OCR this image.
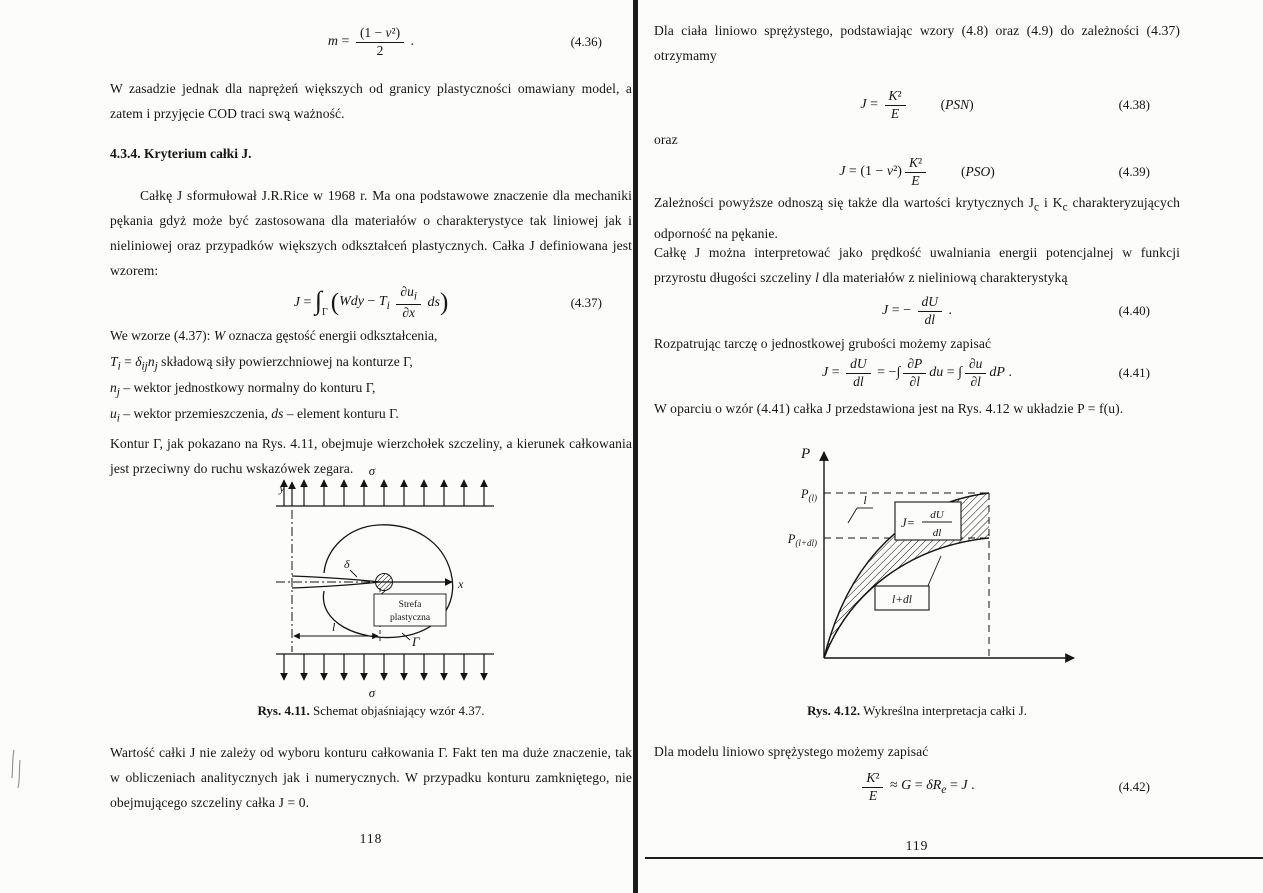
$m = \frac{\text{(1 − ν²)}}{2}$ .	(4.36)

W zasadzie jednak dla naprężeń większych od granicy plastyczności omawiany model, a zatem i przyjęcie COD traci swą ważność.

4.3.4. Kryterium całki J.

Całkę J sformułował J.R.Rice w 1968 r. Ma ona podstawowe znaczenie dla mechaniki pękania gdyż może być zastosowana dla materiałów o charakterystyce tak liniowej jak i nieliniowej oraz przypadków większych odkształceń plastycznych. Całka J definiowana jest wzorem:

$J = \int_\Gamma$ ( Wdy − $T_i \frac{\partial u_i}{\partial x}$ ds )	(4.37)
We wzorze (4.37): W oznacza gęstość energii odkształcenia,
$T_i = \delta_{ij}n_j$ składową siły powierzchniowej na konturze Γ,
$n_j$ – wektor jednostkowy normalny do konturu Γ,
$u_i$ – wektor przemieszczenia, ds – element konturu Γ.

Kontur Γ, jak pokazano na Rys. 4.11, obejmuje wierzchołek szczeliny, a kierunek całkowania jest przeciwny do ruchu wskazówek zegara.

Strefa
plastyczna
σ
σ
y
x
δ
Γ
l

Rys. 4.11. Schemat objaśniający wzór 4.37.

Wartość całki J nie zależy od wyboru konturu całkowania Γ. Fakt ten ma duże znaczenie, tak w obliczeniach analitycznych jak i numerycznych. W przypadku konturu zamkniętego, nie obejmującego szczeliny całka J = 0.

118

Dla ciała liniowo sprężystego, podstawiając wzory (4.8) oraz (4.9) do zależności (4.37) otrzymamy

$J = \frac{\text{K²}}{E}$	(PSN)	(4.38)

oraz

$J = (1 - \nu^2) \frac{\text{K²}}{E}$	(PSO)	(4.39)

Zależności powyższe odnoszą się także dla wartości krytycznych $J_c$ i $K_c$ charakteryzujących odporność na pękanie.

Całkę J można interpretować jako prędkość uwalniania energii potencjalnej w funkcji przyrostu długości szczeliny l dla materiałów z nieliniową charakterystyką

J = − $\frac{dU}{dl}$ .	(4.40)

Rozpatrując tarczę o jednostkowej grubości możemy zapisać

$J = \frac{dU}{dl}$ = −∫ $\frac{\partial P}{\partial l}$ du = ∫ $\frac{\partial u}{\partial l}$ dP .	(4.41)

W oparciu o wzór (4.41) całka J przedstawiona jest na Rys. 4.12 w układzie P = f(u).

J=
dU
dl
l+dl
P
$P_{(l)}$
$P_{(l+dl)}$
l

Rys. 4.12. Wykreślna interpretacja całki J.

Dla modelu liniowo sprężystego możemy zapisać

$\frac{\text{K²}}{E} \approx G = \delta R_e = J$ .	(4.42)
119
